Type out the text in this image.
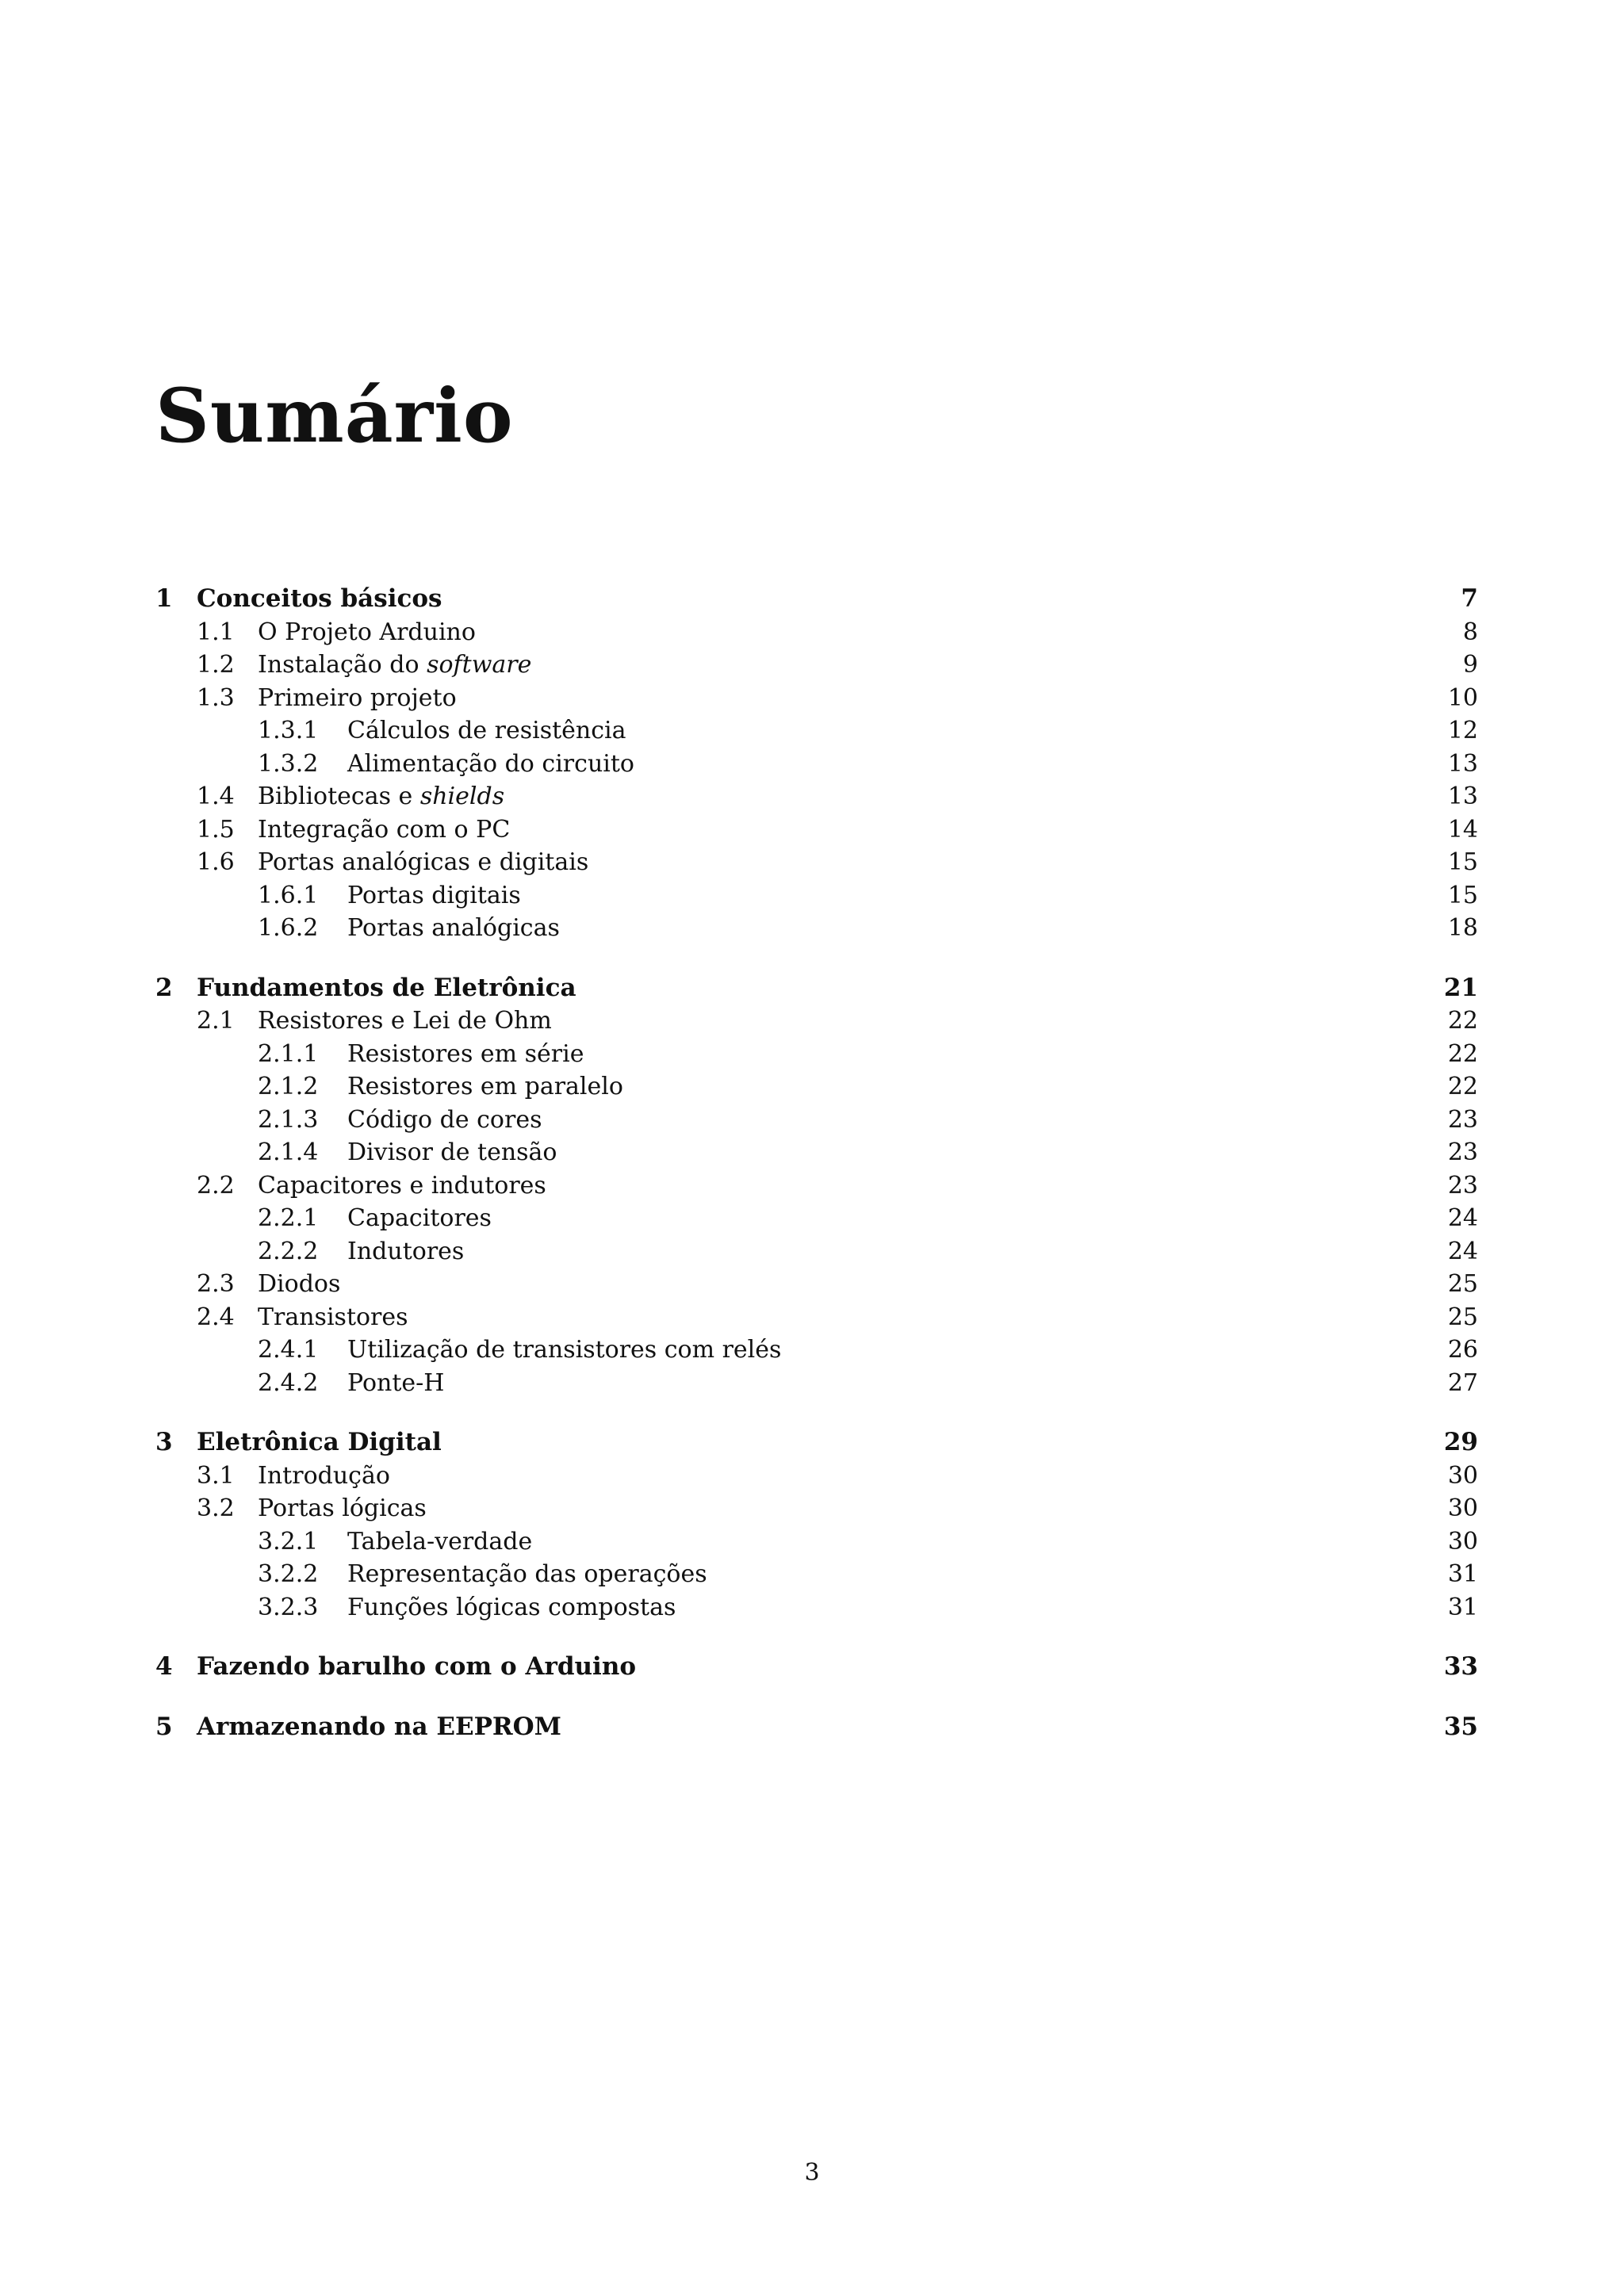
Sumário
1 Conceitos básicos	7
1.1 O Projeto Arduino	8
1.2 Instalação do software	9
1.3 Primeiro projeto	10
1.3.1	Cálculos de resistência	12
1.3.2	Alimentação do circuito	13
1.4 Bibliotecas e shields	13
1.5 Integração com o PC	14
1.6 Portas analógicas e digitais	15
1.6.1	Portas digitais	15
1.6.2	Portas analógicas	18
2 Fundamentos de Eletrônica	21
2.1 Resistores e Lei de Ohm	22
2.1.1	Resistores em série	22
2.1.2	Resistores em paralelo	22
2.1.3	Código de cores	23
2.1.4	Divisor de tensão	23
2.2 Capacitores e indutores	23
2.2.1	Capacitores	24
2.2.2	Indutores	24
2.3 Diodos	25
2.4 Transistores	25
2.4.1	Utilização de transistores com relés	26
2.4.2	Ponte-H	27
3 Eletrônica Digital	29
3.1 Introdução	30
3.2 Portas lógicas	30
3.2.1	Tabela-verdade	30
3.2.2	Representação das operações	31
3.2.3	Funções lógicas compostas	31
4 Fazendo barulho com o Arduino	33
5 Armazenando na EEPROM	35
3
